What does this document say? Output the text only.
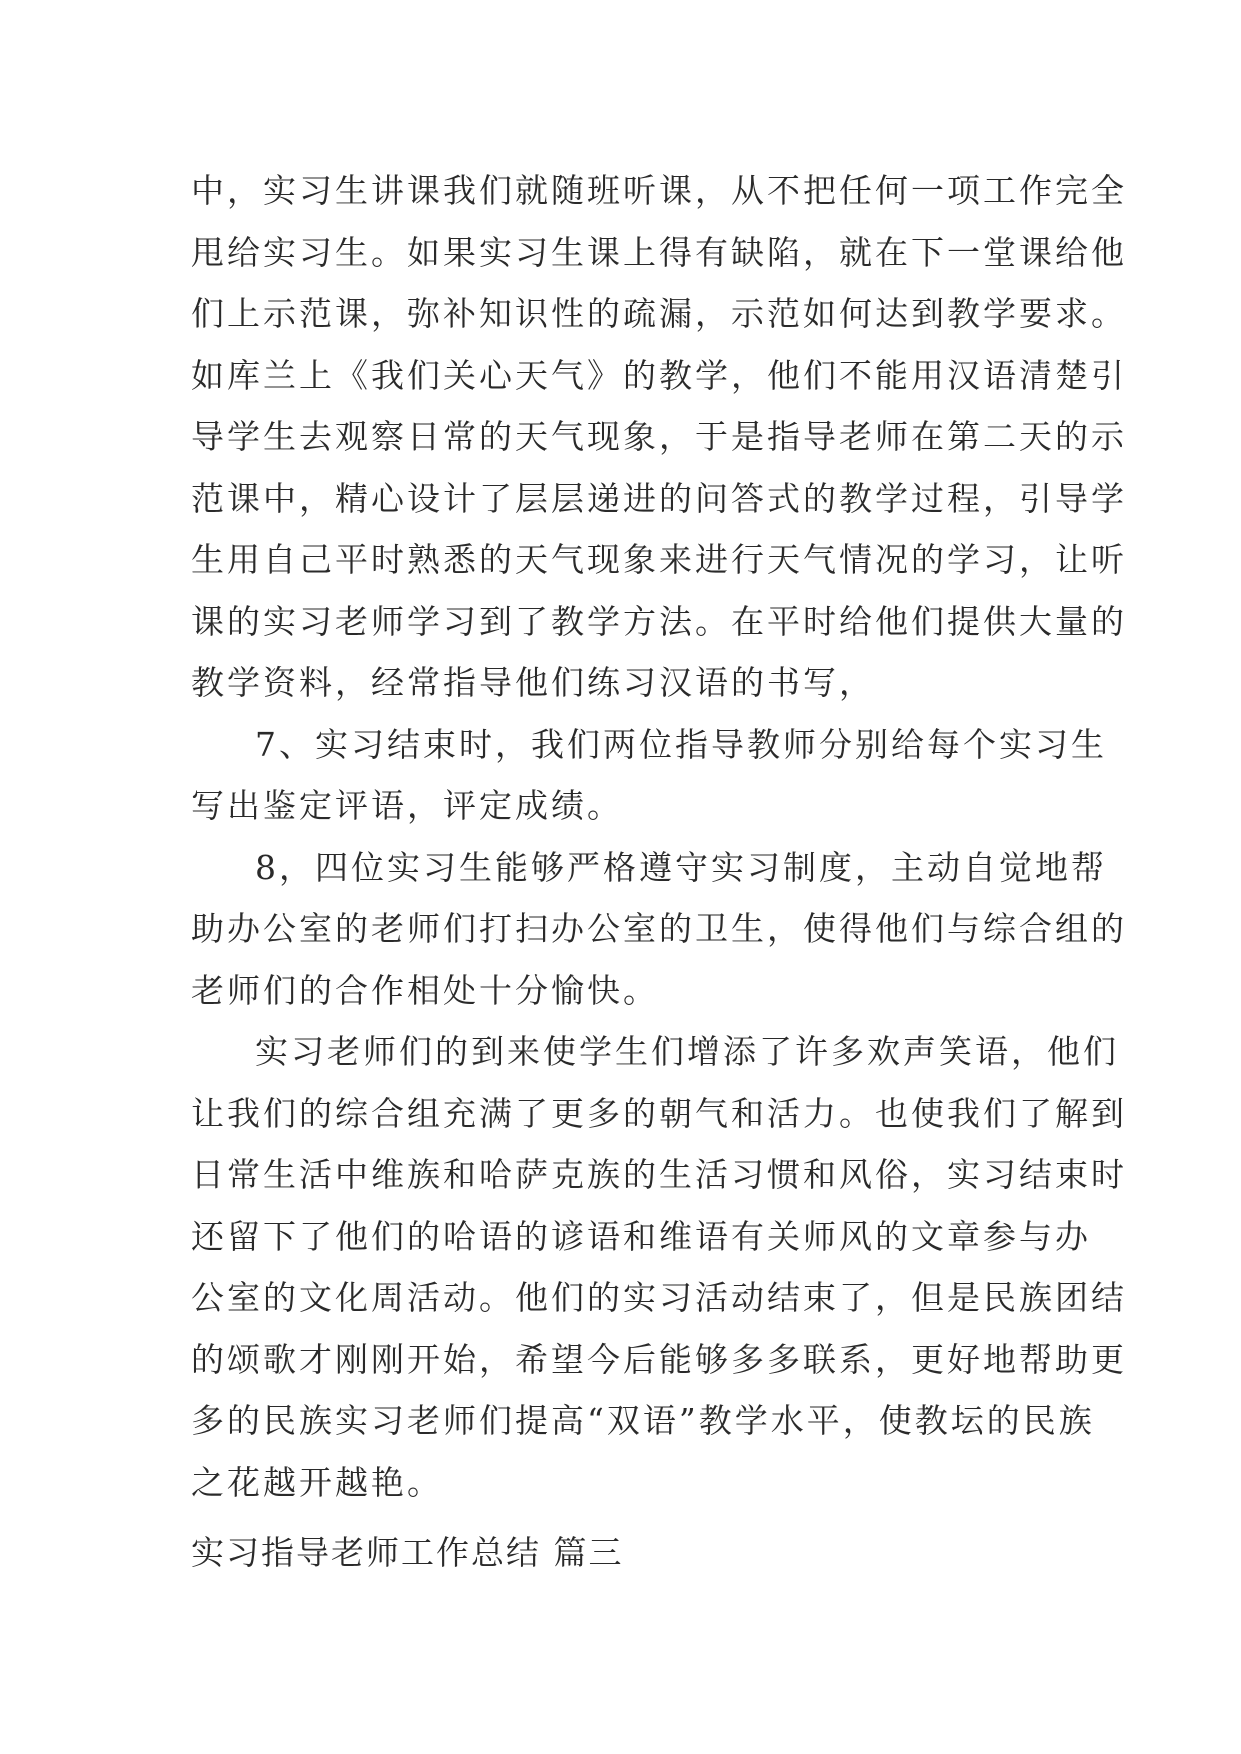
中，实习生讲课我们就随班听课，从不把任何一项工作完全
甩给实习生。如果实习生课上得有缺陷，就在下一堂课给他
们上示范课，弥补知识性的疏漏，示范如何达到教学要求。
如库兰上《我们关心天气》的教学，他们不能用汉语清楚引
导学生去观察日常的天气现象，于是指导老师在第二天的示
范课中，精心设计了层层递进的问答式的教学过程，引导学
生用自己平时熟悉的天气现象来进行天气情况的学习，让听
课的实习老师学习到了教学方法。在平时给他们提供大量的
教学资料，经常指导他们练习汉语的书写，
7、实习结束时，我们两位指导教师分别给每个实习生
写出鉴定评语，评定成绩。
8，四位实习生能够严格遵守实习制度，主动自觉地帮
助办公室的老师们打扫办公室的卫生，使得他们与综合组的
老师们的合作相处十分愉快。
实习老师们的到来使学生们增添了许多欢声笑语，他们
让我们的综合组充满了更多的朝气和活力。也使我们了解到
日常生活中维族和哈萨克族的生活习惯和风俗，实习结束时
还留下了他们的哈语的谚语和维语有关师风的文章参与办
公室的文化周活动。他们的实习活动结束了，但是民族团结
的颂歌才刚刚开始，希望今后能够多多联系，更好地帮助更
多的民族实习老师们提高“双语”教学水平，使教坛的民族
之花越开越艳。
实习指导老师工作总结 篇三
